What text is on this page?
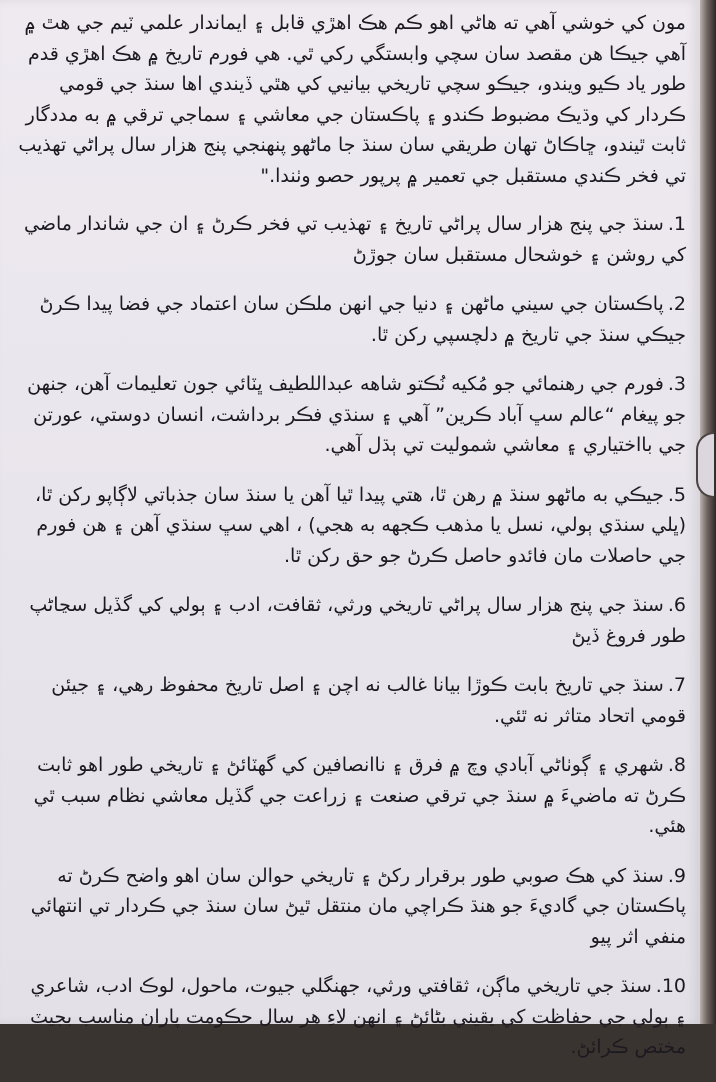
مون کي خوشي آهي ته هاڻي اهو ڪم هڪ اهڙي قابل ۽ ايماندار علمي ٽيم جي هٿ ۾ آهي جيڪا هن مقصد سان سچي وابستگي رکي ٿي. هي فورم تاريخ ۾ هڪ اهڙي قدم طور ياد ڪيو ويندو، جيڪو سچي تاريخي بيانيي کي هٿي ڏيندي اها سنڌ جي قومي ڪردار کي وڌيڪ مضبوط ڪندو ۽ پاڪستان جي معاشي ۽ سماجي ترقي ۾ به مددگار ثابت ٿيندو، ڇاڪاڻ تهان طريقي سان سنڌ جا ماڻهو پنهنجي پنج هزار سال پراڻي تهذيب تي فخر ڪندي مستقبل جي تعمير ۾ پرپور حصو وٺندا."

1.سنڌ جي پنج هزار سال پراڻي تاريخ ۽ تهذيب تي فخر ڪرڻ ۽ ان جي شاندار ماضي کي روشن ۽ خوشحال مستقبل سان جوڙڻ

2.پاڪستان جي سيني ماڻهن ۽ دنيا جي انهن ملڪن سان اعتماد جي فضا پيدا ڪرڻ جيڪي سنڌ جي تاريخ ۾ دلچسپي رکن ٿا.

3.فورم جي رهنمائي جو مُکيه نُڪتو شاهه عبداللطيف ڀٽائي جون تعليمات آهن، جنهن جو پيغام “عالم سڀ آباد ڪرين” آهي ۽ سنڌي فڪر برداشت، انسان دوستي، عورتن جي بااختياري ۽ معاشي شموليت تي ٻڌل آهي.

5.جيڪي به ماڻهو سنڌ ۾ رهن ٿا، هتي پيدا ٿيا آهن يا سنڌ سان جذباتي لاڳاپو رکن ٿا، (ڀلي سنڌي ٻولي، نسل يا مذهب ڪجهه به هجي) ، اهي سڀ سنڌي آهن ۽ هن فورم جي حاصلات مان فائدو حاصل ڪرڻ جو حق رکن ٿا.

6.سنڌ جي پنج هزار سال پراڻي تاريخي ورثي، ثقافت، ادب ۽ ٻولي کي گڏيل سڃاڻپ طور فروغ ڏيڻ

7.سنڌ جي تاريخ بابت ڪوڙا بيانا غالب نه اچن ۽ اصل تاريخ محفوظ رهي، ۽ جيئن قومي اتحاد متاثر نه ٿئي.

8.شهري ۽ ڳوٺاڻي آبادي وچ ۾ فرق ۽ ناانصافين کي گهٽائڻ ۽ تاريخي طور اهو ثابت ڪرڻ ته ماضيءَ ۾ سنڌ جي ترقي صنعت ۽ زراعت جي گڏيل معاشي نظام سبب ٿي هئي.

9.سنڌ کي هڪ صوبي طور برقرار رکڻ ۽ تاريخي حوالن سان اهو واضح ڪرڻ ته پاڪستان جي گاديءَ جو هنڌ ڪراچي مان منتقل ٿيڻ سان سنڌ جي ڪردار تي انتهائي منفي اثر پيو

10.سنڌ جي تاريخي ماڳن، ثقافتي ورثي، جهنگلي جيوت، ماحول، لوڪ ادب، شاعري ۽ ٻولي جي حفاظت کي يقيني بڻائڻ ۽ انهن لاءِ هر سال حڪومت پاران مناسب بجيٽ مختص ڪرائڻ.
